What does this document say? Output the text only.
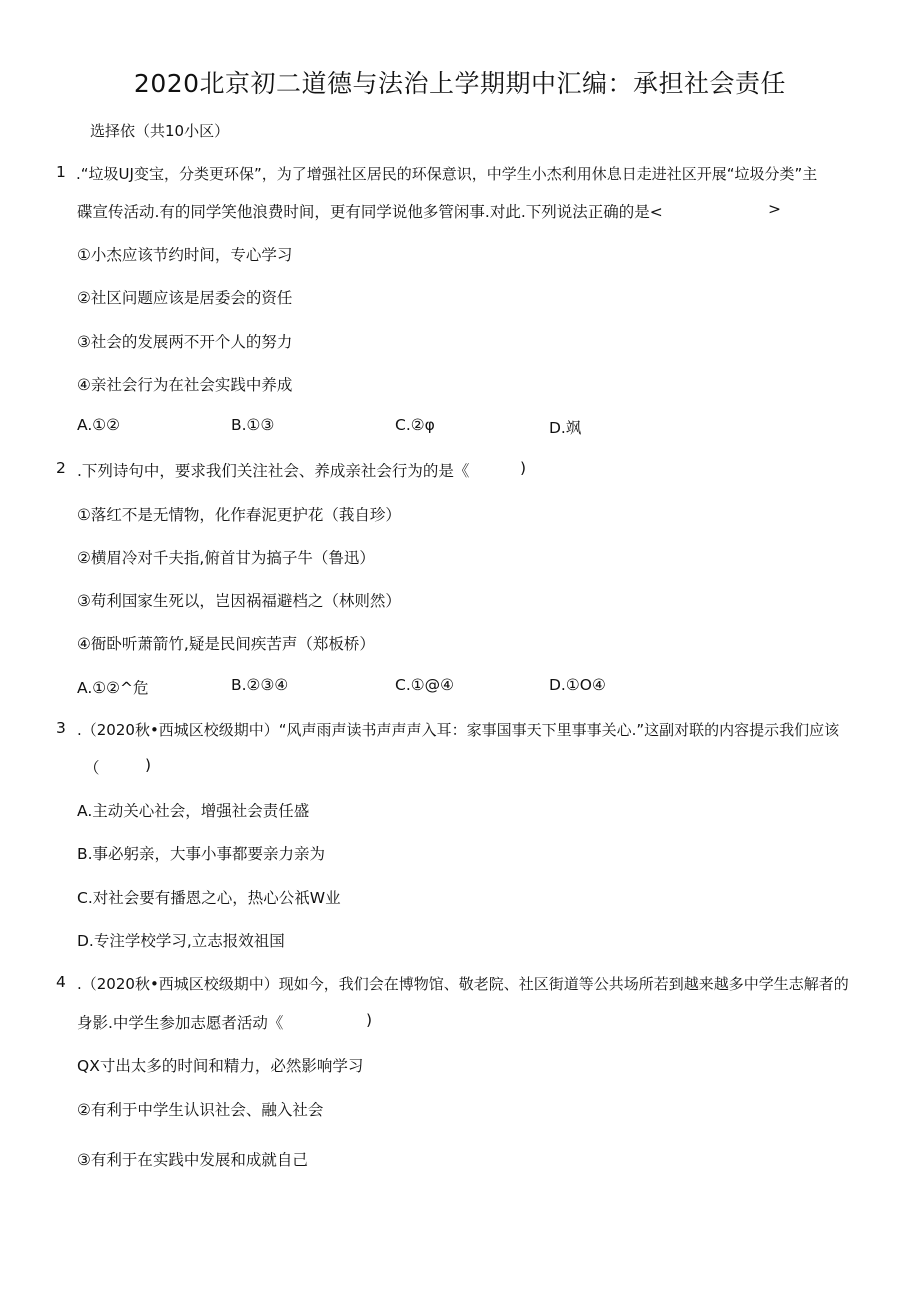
2020北京初二道德与法治上学期期中汇编：承担社会责任
选择依（共10小区）
1 .“垃圾UJ变宝，分类更环保”，为了增强社区居民的环保意识，中学生小杰利用休息日走进社区开展“垃圾分类”主
碟宣传活动.有的同学笑他浪费时间，更有同学说他多管闲事.对此.下列说法正确的是<	>
①小杰应该节约时间，专心学习
②社区问题应该是居委会的资任
③社会的发展两不开个人的努力
④亲社会行为在社会实践中养成
A.①②	B.①③	C.②φ	D.飒
2 .下列诗句中，要求我们关注社会、养成亲社会行为的是《	)
①落红不是无情物，化作春泥更护花（莪自珍）
②横眉冷对千夫指,俯首甘为搞子牛（鲁迅）
③苟利国家生死以，岂因祸福避档之（林则然）
④衙卧听萧箭竹,疑是民间疾苦声（郑板桥）
A.①②^危	B.②③④	C.①@④	D.①O④
3 .（2020秋•西城区校级期中）“风声雨声读书声声声入耳：家事国事天下里事事关心.”这副对联的内容提示我们应该
（	)
A.主动关心社会，增强社会责任盛
B.事必躬亲，大事小事都要亲力亲为
C.对社会要有播恩之心，热心公祇W业
D.专注学校学习,立志报效祖国
4 .（2020秋•西城区校级期中）现如今，我们会在博物馆、敬老院、社区街道等公共场所若到越来越多中学生志解者的
身影.中学生参加志愿者活动《	)
QX寸出太多的时间和精力，必然影响学习
②有利于中学生认识社会、融入社会
③有利于在实践中发展和成就自己
